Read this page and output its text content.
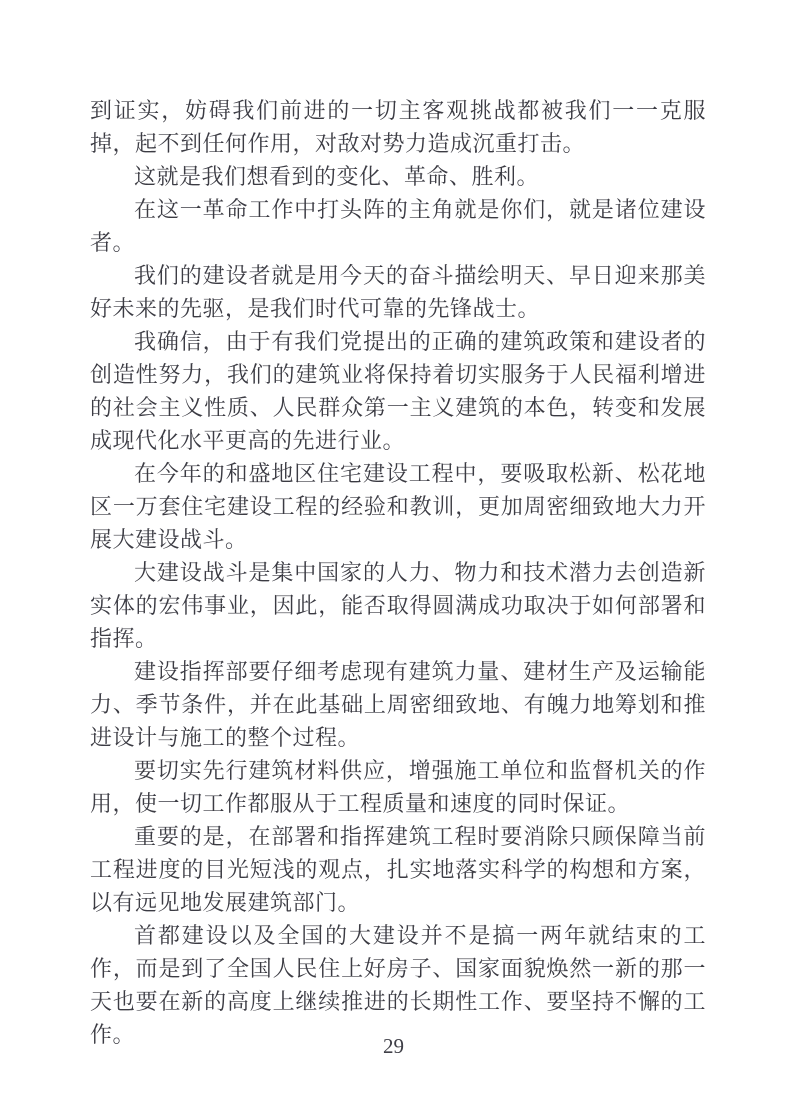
到证实，妨碍我们前进的一切主客观挑战都被我们一一克服掉，起不到任何作用，对敌对势力造成沉重打击。

这就是我们想看到的变化、革命、胜利。

在这一革命工作中打头阵的主角就是你们，就是诸位建设者。

我们的建设者就是用今天的奋斗描绘明天、早日迎来那美好未来的先驱，是我们时代可靠的先锋战士。

我确信，由于有我们党提出的正确的建筑政策和建设者的创造性努力，我们的建筑业将保持着切实服务于人民福利增进的社会主义性质、人民群众第一主义建筑的本色，转变和发展成现代化水平更高的先进行业。

在今年的和盛地区住宅建设工程中，要吸取松新、松花地区一万套住宅建设工程的经验和教训，更加周密细致地大力开展大建设战斗。

大建设战斗是集中国家的人力、物力和技术潜力去创造新实体的宏伟事业，因此，能否取得圆满成功取决于如何部署和指挥。

建设指挥部要仔细考虑现有建筑力量、建材生产及运输能力、季节条件，并在此基础上周密细致地、有魄力地筹划和推进设计与施工的整个过程。

要切实先行建筑材料供应，增强施工单位和监督机关的作用，使一切工作都服从于工程质量和速度的同时保证。

重要的是，在部署和指挥建筑工程时要消除只顾保障当前工程进度的目光短浅的观点，扎实地落实科学的构想和方案，以有远见地发展建筑部门。

首都建设以及全国的大建设并不是搞一两年就结束的工作，而是到了全国人民住上好房子、国家面貌焕然一新的那一天也要在新的高度上继续推进的长期性工作、要坚持不懈的工作。	29
